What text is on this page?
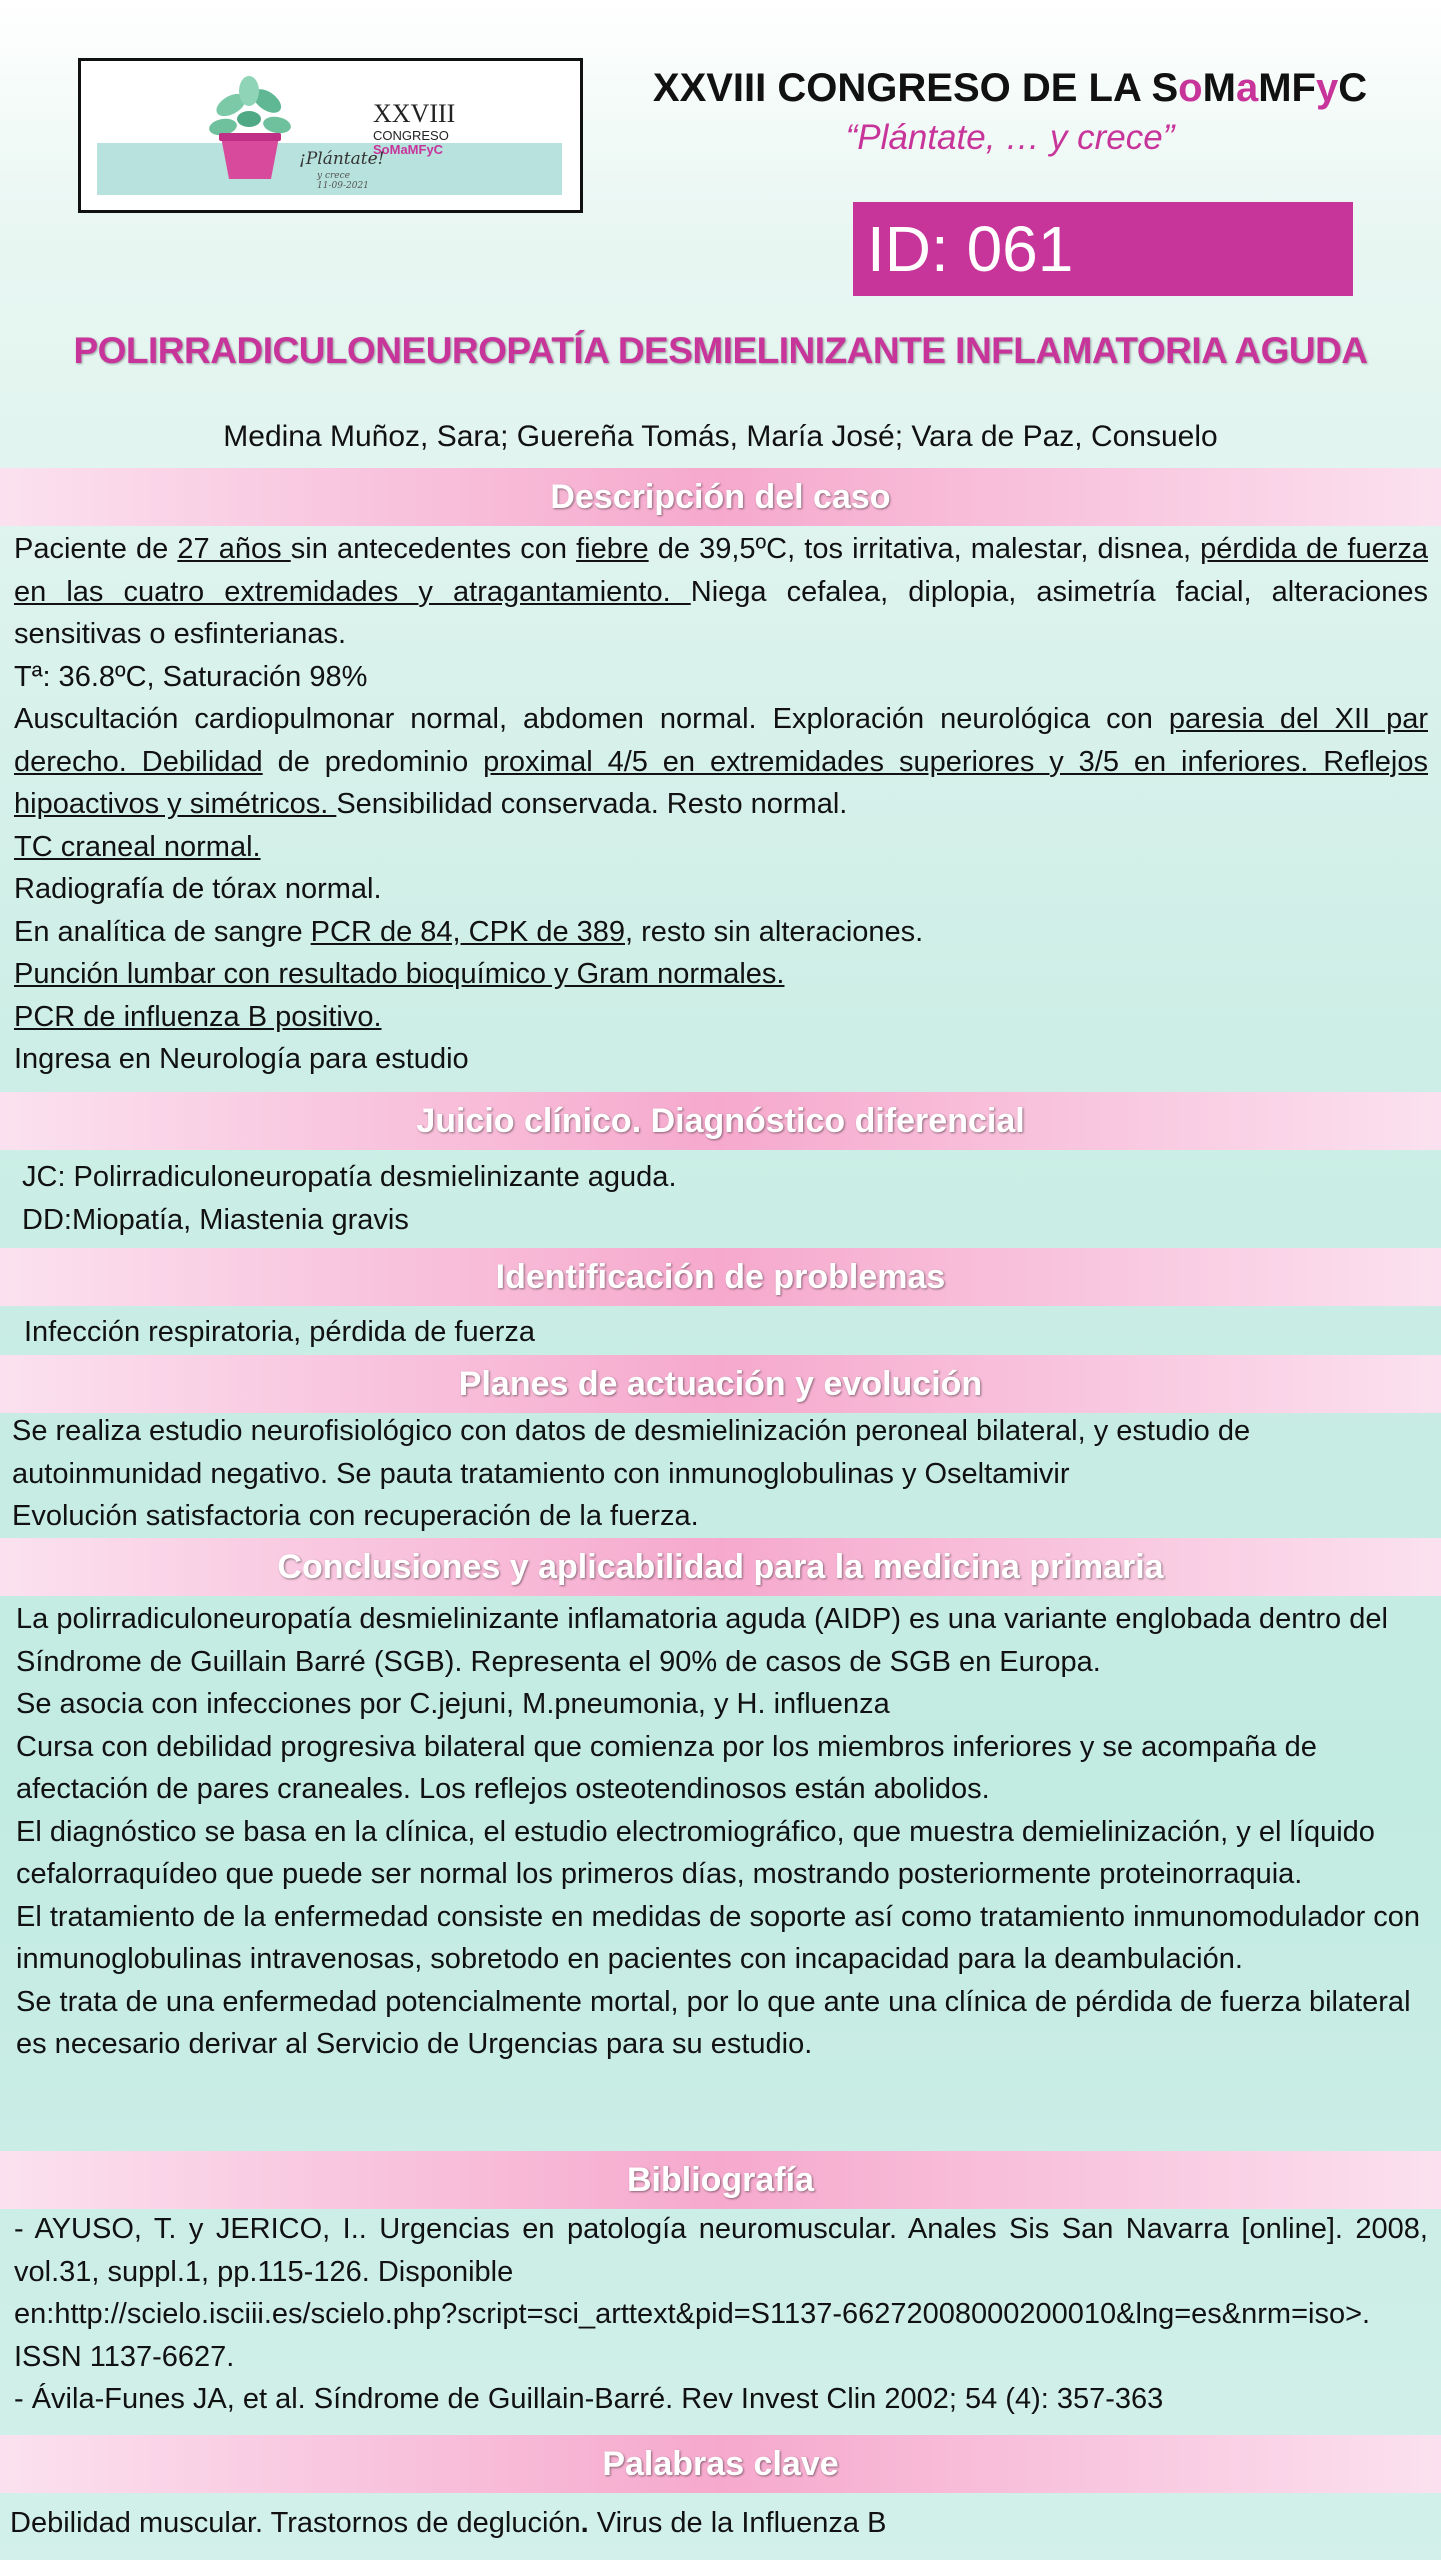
XXVIII
CONGRESO
SoMaMFyC
¡Plántate!
y crece
11-09-2021
XXVIII CONGRESO DE LA SoMaMFyC
“Plántate, … y crece”
ID: 061
POLIRRADICULONEUROPATÍA DESMIELINIZANTE INFLAMATORIA AGUDA
Medina Muñoz, Sara; Guereña Tomás, María José; Vara de Paz, Consuelo
Descripción del caso

Paciente de 27 años sin antecedentes con fiebre de 39,5ºC, tos irritativa, malestar, disnea, pérdida de fuerza en las cuatro extremidades y atragantamiento. Niega cefalea, diplopia, asimetría facial, alteraciones sensitivas o esfinterianas.

Tª: 36.8ºC, Saturación 98%

Auscultación cardiopulmonar normal, abdomen normal. Exploración neurológica con paresia del XII par derecho. Debilidad de predominio proximal 4/5 en extremidades superiores y 3/5 en inferiores. Reflejos hipoactivos y simétricos. Sensibilidad conservada. Resto normal.

TC craneal normal.

Radiografía de tórax normal.

En analítica de sangre PCR de 84, CPK de 389, resto sin alteraciones.

Punción lumbar con resultado bioquímico y Gram normales.

PCR de influenza B positivo.

Ingresa en Neurología para estudio

Juicio clínico. Diagnóstico diferencial

JC: Polirradiculoneuropatía desmielinizante aguda.

DD:Miopatía, Miastenia gravis

Identificación de problemas

Infección respiratoria, pérdida de fuerza

Planes de actuación y evolución

Se realiza estudio neurofisiológico con datos de desmielinización peroneal bilateral, y estudio de autoinmunidad negativo. Se pauta tratamiento con inmunoglobulinas y Oseltamivir

Evolución satisfactoria con recuperación de la fuerza.

Conclusiones y aplicabilidad para la medicina primaria

La polirradiculoneuropatía desmielinizante inflamatoria aguda (AIDP) es una variante englobada dentro del Síndrome de Guillain Barré (SGB). Representa el 90% de casos de SGB en Europa.

Se asocia con infecciones por C.jejuni, M.pneumonia, y H. influenza

Cursa con debilidad progresiva bilateral que comienza por los miembros inferiores y se acompaña de afectación de pares craneales. Los reflejos osteotendinosos están abolidos.

El diagnóstico se basa en la clínica, el estudio electromiográfico, que muestra demielinización, y el líquido cefalorraquídeo que puede ser normal los primeros días, mostrando posteriormente proteinorraquia.

El tratamiento de la enfermedad consiste en medidas de soporte así como tratamiento inmunomodulador con inmunoglobulinas intravenosas, sobretodo en pacientes con incapacidad para la deambulación.

Se trata de una enfermedad potencialmente mortal, por lo que ante una clínica de pérdida de fuerza bilateral es necesario derivar al Servicio de Urgencias para su estudio.

Bibliografía

- AYUSO, T. y JERICO, I.. Urgencias en patología neuromuscular. Anales Sis San Navarra [online]. 2008, vol.31, suppl.1, pp.115-126. Disponible

en:http://scielo.isciii.es/scielo.php?script=sci_arttext&pid=S1137-66272008000200010&lng=es&nrm=iso>. ISSN 1137-6627.

- Ávila-Funes JA, et al. Síndrome de Guillain-Barré. Rev Invest Clin 2002; 54 (4): 357-363

Palabras clave

Debilidad muscular. Trastornos de deglución. Virus de la Influenza B
